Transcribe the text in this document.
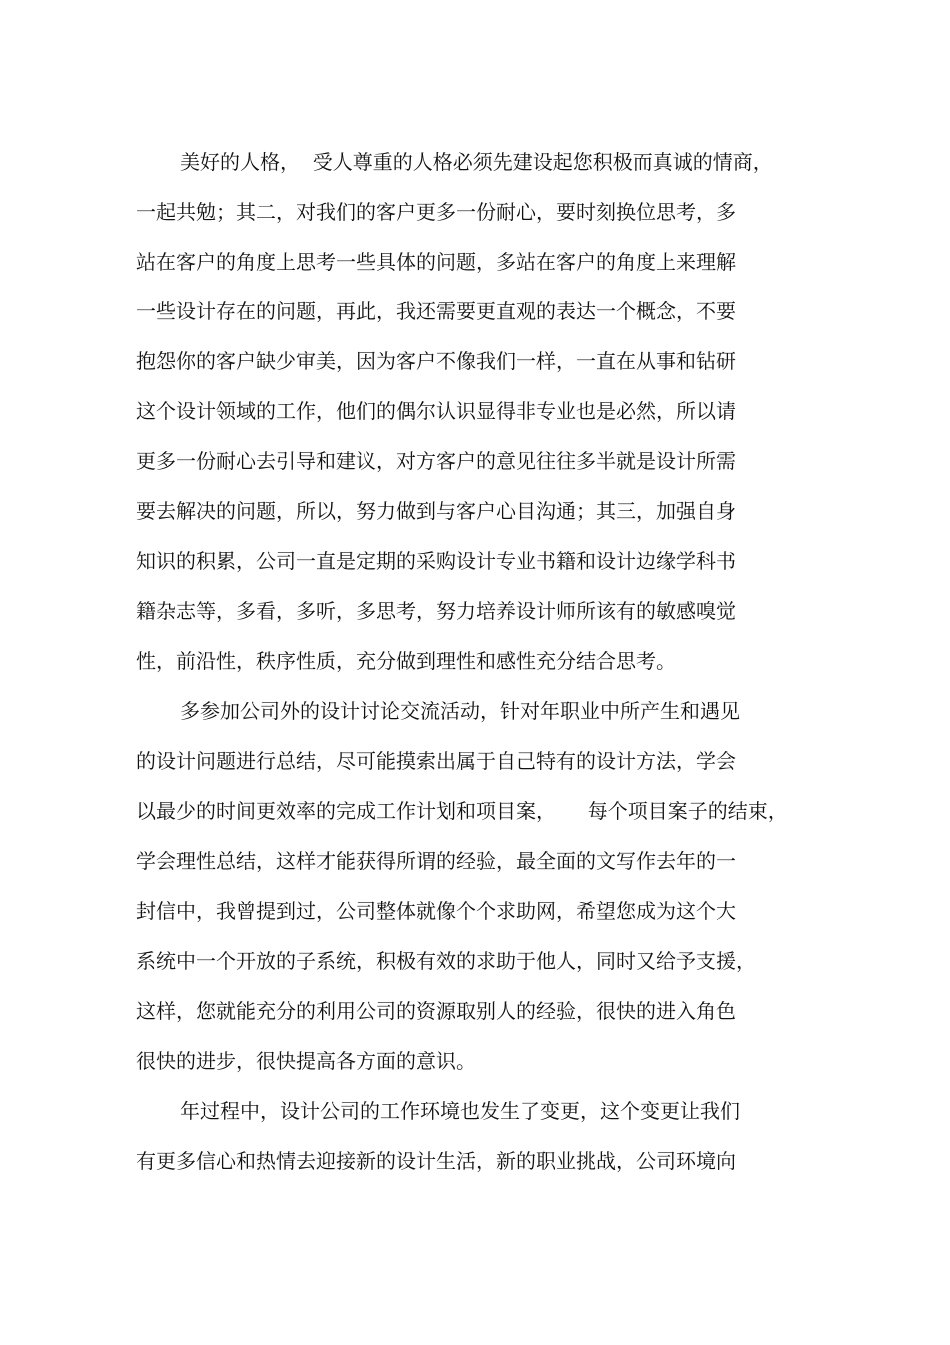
美好的人格，  受人尊重的人格必须先建设起您积极而真诚的情商，
一起共勉；其二，对我们的客户更多一份耐心，要时刻换位思考，多
站在客户的角度上思考一些具体的问题，多站在客户的角度上来理解
一些设计存在的问题，再此，我还需要更直观的表达一个概念，不要
抱怨你的客户缺少审美，因为客户不像我们一样，一直在从事和钻研
这个设计领域的工作，他们的偶尔认识显得非专业也是必然，所以请
更多一份耐心去引导和建议，对方客户的意见往往多半就是设计所需
要去解决的问题，所以，努力做到与客户心目沟通；其三，加强自身
知识的积累，公司一直是定期的采购设计专业书籍和设计边缘学科书
籍杂志等，多看，多听，多思考，努力培养设计师所该有的敏感嗅觉
性，前沿性，秩序性质，充分做到理性和感性充分结合思考。
多参加公司外的设计讨论交流活动，针对年职业中所产生和遇见
的设计问题进行总结，尽可能摸索出属于自己特有的设计方法，学会
以最少的时间更效率的完成工作计划和项目案，     每个项目案子的结束，
学会理性总结，这样才能获得所谓的经验，最全面的文写作去年的一
封信中，我曾提到过，公司整体就像个个求助网，希望您成为这个大
系统中一个开放的子系统，积极有效的求助于他人，同时又给予支援，
这样，您就能充分的利用公司的资源取别人的经验，很快的进入角色
很快的进步，很快提高各方面的意识。
年过程中，设计公司的工作环境也发生了变更，这个变更让我们
有更多信心和热情去迎接新的设计生活，新的职业挑战，公司环境向
